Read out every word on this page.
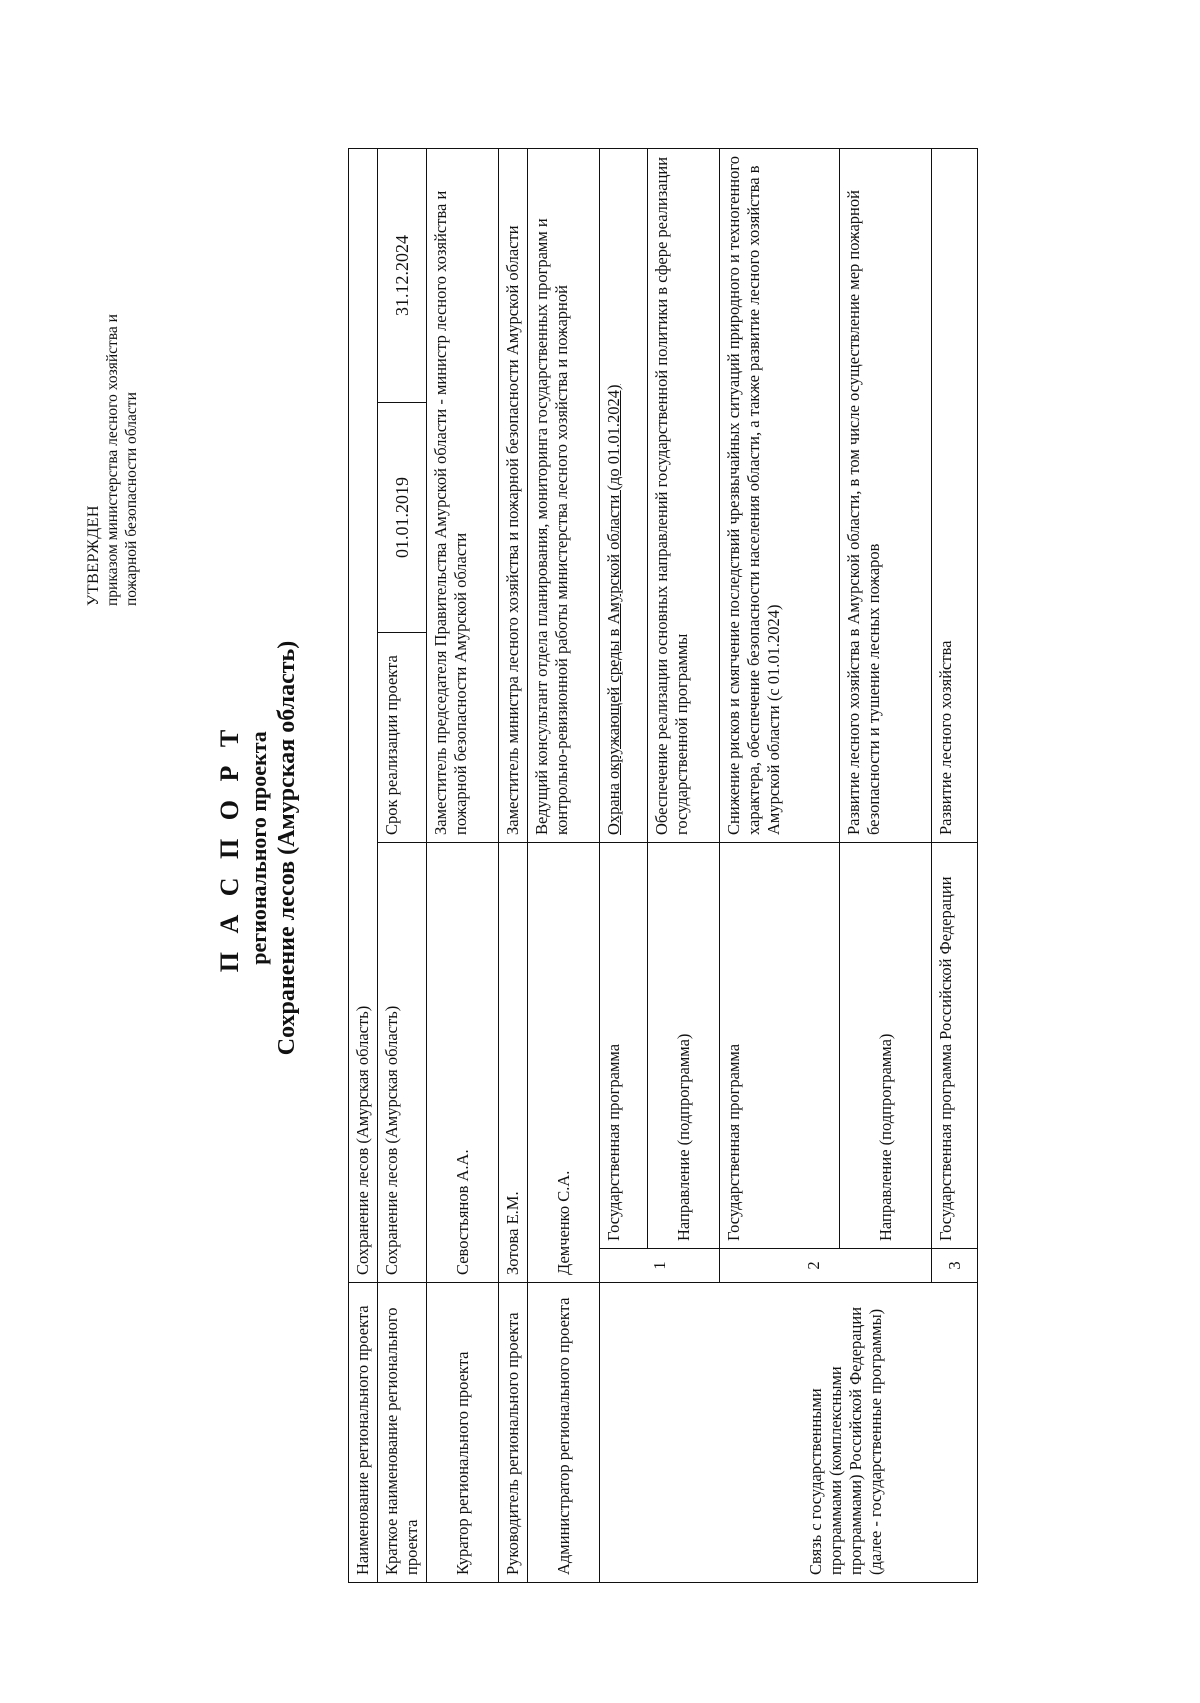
УТВЕРЖДЕН приказом министерства лесного хозяйства и пожарной безопасности области
П А С П О Р Т регионального проекта Сохранение лесов (Амурская область)
Наименование регионального проекта	Сохранение лесов (Амурская область)				
Краткое наименование регионального проекта	Сохранение лесов (Амурская область)		Срок реализации проекта	01.01.2019	31.12.2024
Куратор регионального проекта	Севостьянов А.А.		Заместитель председателя Правительства Амурской области - министр лесного хозяйства и пожарной безопасности Амурской области		
Руководитель регионального проекта	Зотова Е.М.		Заместитель министра лесного хозяйства и пожарной безопасности Амурской области		
Администратор регионального проекта	Демченко С.А.		Ведущий консультант отдела планирования, мониторинга государственных программ и контрольно-ревизионной работы министерства лесного хозяйства и пожарной		
Связь с государственными программами (комплексными программами) Российской Федерации (далее - государственные программы)	1	Государственная программа	Охрана окружающей среды в Амурской области (до 01.01.2024)		
		Направление (подпрограмма)	Обеспечение реализации основных направлений государственной политики в сфере реализации государственной программы		
	2	Государственная программа	Снижение рисков и смягчение последствий чрезвычайных ситуаций природного и техногенного характера, обеспечение безопасности населения области, а также развитие лесного хозяйства в Амурской области (с 01.01.2024)		
		Направление (подпрограмма)	Развитие лесного хозяйства в Амурской области, в том числе осуществление мер пожарной безопасности и тушение лесных пожаров		
	3	Государственная программа Российской Федерации	Развитие лесного хозяйства		
